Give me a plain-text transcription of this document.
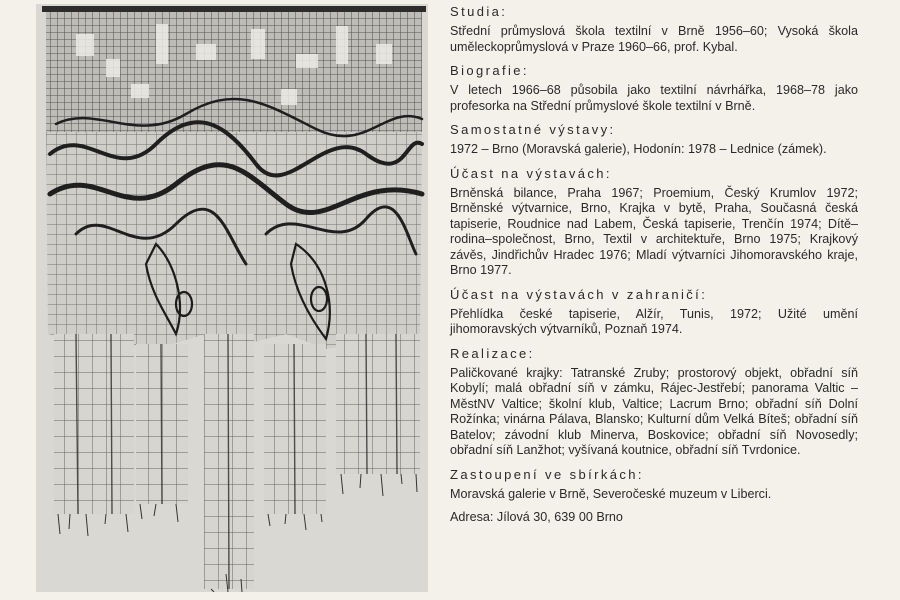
Studia:

Střední průmyslová škola textilní v Brně 1956–60; Vysoká škola uměleckoprůmyslová v Praze 1960–66, prof. Kybal.

Biografie:

V letech 1966–68 působila jako textilní návrhářka, 1968–78 jako profesorka na Střední průmyslové škole textilní v Brně.

Samostatné výstavy:

1972 – Brno (Moravská galerie), Hodonín: 1978 – Lednice (zámek).

Účast na výstavách:

Brněnská bilance, Praha 1967; Proemium, Český Krumlov 1972; Brněnské výtvarnice, Brno, Krajka v bytě, Praha, Současná česká tapiserie, Roudnice nad Labem, Česká tapiserie, Trenčín 1974; Dítě–rodina–společnost, Brno, Textil v architektuře, Brno 1975; Krajkový závěs, Jindřichův Hradec 1976; Mladí výtvarníci Jihomoravského kraje, Brno 1977.

Účast na výstavách v zahraničí:

Přehlídka české tapiserie, Alžír, Tunis, 1972; Užité umění jihomoravských výtvarníků, Poznaň 1974.

Realizace:

Paličkované krajky: Tatranské Zruby; prostorový objekt, obřadní síň Kobylí; malá obřadní síň v zámku, Rájec-Jestřebí; panorama Valtic – MěstNV Valtice; školní klub, Valtice; Lacrum Brno; obřadní síň Dolní Rožínka; vinárna Pálava, Blansko; Kulturní dům Velká Bíteš; obřadní síň Batelov; závodní klub Minerva, Boskovice; obřadní síň Novosedly; obřadní síň Lanžhot; vyšívaná koutnice, obřadní síň Tvrdonice.

Zastoupení ve sbírkách:

Moravská galerie v Brně, Severočeské muzeum v Liberci.

Adresa: Jílová 30, 639 00 Brno
